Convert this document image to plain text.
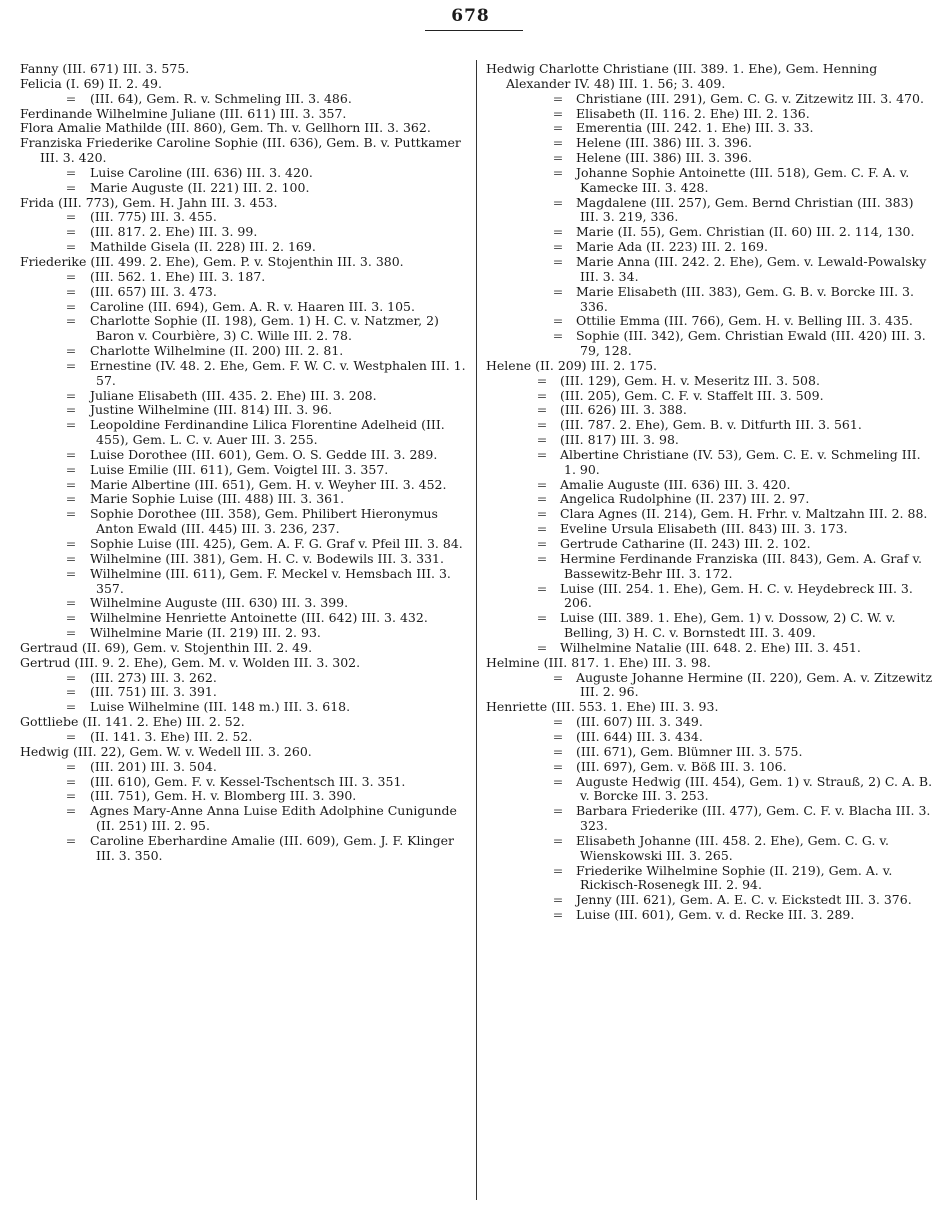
678

Fanny (III. 671) III. 3. 575.

Felicia (I. 69) II. 2. 49.

= (III. 64), Gem. R. v. Schmeling III. 3. 486.

Ferdinande Wilhelmine Juliane (III. 611) III. 3. 357.

Flora Amalie Mathilde (III. 860), Gem. Th. v. Gellhorn III. 3. 362.

Franziska Friederike Caroline Sophie (III. 636), Gem. B. v. Puttkamer III. 3. 420.

= Luise Caroline (III. 636) III. 3. 420.

= Marie Auguste (II. 221) III. 2. 100.

Frida (III. 773), Gem. H. Jahn III. 3. 453.

= (III. 775) III. 3. 455.

= (III. 817. 2. Ehe) III. 3. 99.

= Mathilde Gisela (II. 228) III. 2. 169.

Friederike (III. 499. 2. Ehe), Gem. P. v. Stojenthin III. 3. 380.

= (III. 562. 1. Ehe) III. 3. 187.

= (III. 657) III. 3. 473.

= Caroline (III. 694), Gem. A. R. v. Haaren III. 3. 105.

= Charlotte Sophie (II. 198), Gem. 1) H. C. v. Natzmer, 2) Baron v. Courbière, 3) C. Wille III. 2. 78.

= Charlotte Wilhelmine (II. 200) III. 2. 81.

= Ernestine (IV. 48. 2. Ehe, Gem. F. W. C. v. Westphalen III. 1. 57.

= Juliane Elisabeth (III. 435. 2. Ehe) III. 3. 208.

= Justine Wilhelmine (III. 814) III. 3. 96.

= Leopoldine Ferdinandine Lilica Florentine Adelheid (III. 455), Gem. L. C. v. Auer III. 3. 255.

= Luise Dorothee (III. 601), Gem. O. S. Gedde III. 3. 289.

= Luise Emilie (III. 611), Gem. Voigtel III. 3. 357.

= Marie Albertine (III. 651), Gem. H. v. Weyher III. 3. 452.

= Marie Sophie Luise (III. 488) III. 3. 361.

= Sophie Dorothee (III. 358), Gem. Philibert Hieronymus Anton Ewald (III. 445) III. 3. 236, 237.

= Sophie Luise (III. 425), Gem. A. F. G. Graf v. Pfeil III. 3. 84.

= Wilhelmine (III. 381), Gem. H. C. v. Bodewils III. 3. 331.

= Wilhelmine (III. 611), Gem. F. Meckel v. Hemsbach III. 3. 357.

= Wilhelmine Auguste (III. 630) III. 3. 399.

= Wilhelmine Henriette Antoinette (III. 642) III. 3. 432.

= Wilhelmine Marie (II. 219) III. 2. 93.

Gertraud (II. 69), Gem. v. Stojenthin III. 2. 49.

Gertrud (III. 9. 2. Ehe), Gem. M. v. Wolden III. 3. 302.

= (III. 273) III. 3. 262.

= (III. 751) III. 3. 391.

= Luise Wilhelmine (III. 148 m.) III. 3. 618.

Gottliebe (II. 141. 2. Ehe) III. 2. 52.

= (II. 141. 3. Ehe) III. 2. 52.

Hedwig (III. 22), Gem. W. v. Wedell III. 3. 260.

= (III. 201) III. 3. 504.

= (III. 610), Gem. F. v. Kessel-Tschentsch III. 3. 351.

= (III. 751), Gem. H. v. Blomberg III. 3. 390.

= Agnes Mary-Anne Anna Luise Edith Adolphine Cunigunde (II. 251) III. 2. 95.

= Caroline Eberhardine Amalie (III. 609), Gem. J. F. Klinger III. 3. 350.

Hedwig Charlotte Christiane (III. 389. 1. Ehe), Gem. Henning Alexander IV. 48) III. 1. 56; 3. 409.

= Christiane (III. 291), Gem. C. G. v. Zitzewitz III. 3. 470.

= Elisabeth (II. 116. 2. Ehe) III. 2. 136.

= Emerentia (III. 242. 1. Ehe) III. 3. 33.

= Helene (III. 386) III. 3. 396.

= Helene (III. 386) III. 3. 396.

= Johanne Sophie Antoinette (III. 518), Gem. C. F. A. v. Kamecke III. 3. 428.

= Magdalene (III. 257), Gem. Bernd Christian (III. 383) III. 3. 219, 336.

= Marie (II. 55), Gem. Christian (II. 60) III. 2. 114, 130.

= Marie Ada (II. 223) III. 2. 169.

= Marie Anna (III. 242. 2. Ehe), Gem. v. Lewald-Powalsky III. 3. 34.

= Marie Elisabeth (III. 383), Gem. G. B. v. Borcke III. 3. 336.

= Ottilie Emma (III. 766), Gem. H. v. Belling III. 3. 435.

= Sophie (III. 342), Gem. Christian Ewald (III. 420) III. 3. 79, 128.

Helene (II. 209) III. 2. 175.

= (III. 129), Gem. H. v. Meseritz III. 3. 508.

= (III. 205), Gem. C. F. v. Staffelt III. 3. 509.

= (III. 626) III. 3. 388.

= (III. 787. 2. Ehe), Gem. B. v. Ditfurth III. 3. 561.

= (III. 817) III. 3. 98.

= Albertine Christiane (IV. 53), Gem. C. E. v. Schmeling III. 1. 90.

= Amalie Auguste (III. 636) III. 3. 420.

= Angelica Rudolphine (II. 237) III. 2. 97.

= Clara Agnes (II. 214), Gem. H. Frhr. v. Maltzahn III. 2. 88.

= Eveline Ursula Elisabeth (III. 843) III. 3. 173.

= Gertrude Catharine (II. 243) III. 2. 102.

= Hermine Ferdinande Franziska (III. 843), Gem. A. Graf v. Bassewitz-Behr III. 3. 172.

= Luise (III. 254. 1. Ehe), Gem. H. C. v. Heydebreck III. 3. 206.

= Luise (III. 389. 1. Ehe), Gem. 1) v. Dossow, 2) C. W. v. Belling, 3) H. C. v. Bornstedt III. 3. 409.

= Wilhelmine Natalie (III. 648. 2. Ehe) III. 3. 451.

Helmine (III. 817. 1. Ehe) III. 3. 98.

= Auguste Johanne Hermine (II. 220), Gem. A. v. Zitzewitz III. 2. 96.

Henriette (III. 553. 1. Ehe) III. 3. 93.

= (III. 607) III. 3. 349.

= (III. 644) III. 3. 434.

= (III. 671), Gem. Blümner III. 3. 575.

= (III. 697), Gem. v. Böß III. 3. 106.

= Auguste Hedwig (III. 454), Gem. 1) v. Strauß, 2) C. A. B. v. Borcke III. 3. 253.

= Barbara Friederike (III. 477), Gem. C. F. v. Blacha III. 3. 323.

= Elisabeth Johanne (III. 458. 2. Ehe), Gem. C. G. v. Wienskowski III. 3. 265.

= Friederike Wilhelmine Sophie (II. 219), Gem. A. v. Rickisch-Rosenegk III. 2. 94.

= Jenny (III. 621), Gem. A. E. C. v. Eickstedt III. 3. 376.

= Luise (III. 601), Gem. v. d. Recke III. 3. 289.
